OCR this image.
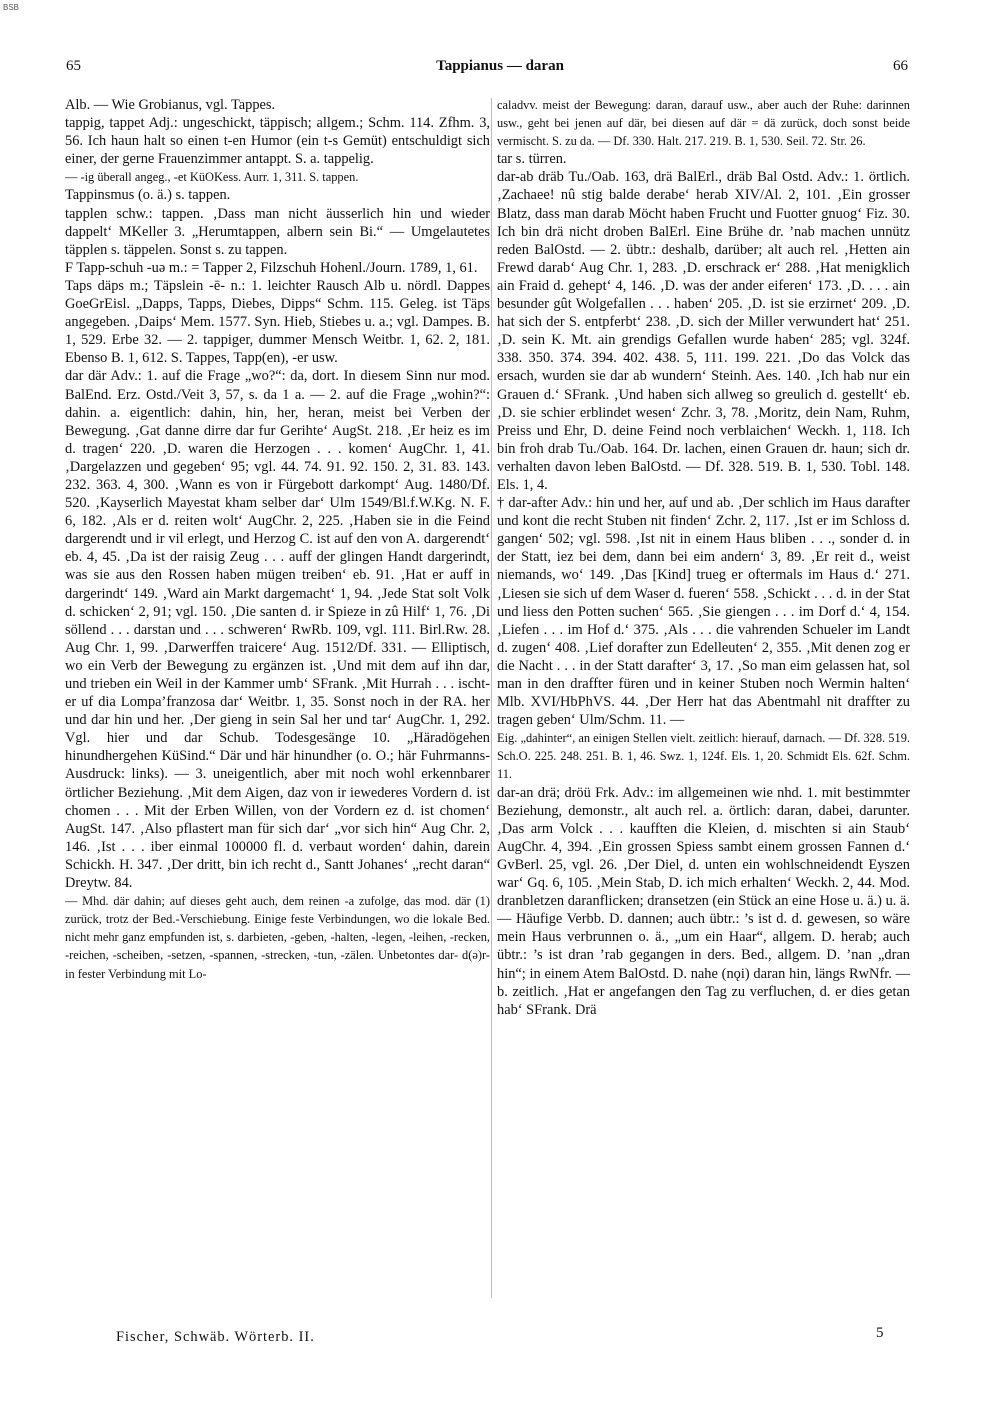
BSB
65	Tappianus — daran	66

Alb. — Wie Grobianus, vgl. Tappes.

tappig, tappet Adj.: ungeschickt, täppisch; allgem.; Schm. 114. Zfhm. 3, 56. Ich haun halt so einen t-en Humor (ein t-s Gemüt) entschuldigt sich einer, der gerne Frauenzimmer antappt. S. a. tappelig.

— -ig überall angeg., -et KüOKess. Aurr. 1, 311. S. tappen.

Tappinsmus (o. ä.) s. tappen.

tapplen schw.: tappen. ‚Dass man nicht äusserlich hin und wieder dappelt‘ MKeller 3. „Herumtappen, albern sein Bi.“ — Umgelautetes täpplen s. täppelen. Sonst s. zu tappen.

F Tapp-schuh -uə m.: = Tapper 2, Filzschuh Hohenl./Journ. 1789, 1, 61.

Taps däps m.; Täpslein -ē- n.: 1. leichter Rausch Alb u. nördl. Dappes GoeGrEisl. „Dapps, Tapps, Diebes, Dipps“ Schm. 115. Geleg. ist Täps angegeben. ‚Daips‘ Mem. 1577. Syn. Hieb, Stiebes u. a.; vgl. Dampes. B. 1, 529. Erbe 32. — 2. tappiger, dummer Mensch Weitbr. 1, 62. 2, 181. Ebenso B. 1, 612. S. Tappes, Tapp(en), -er usw.

dar där Adv.: 1. auf die Frage „wo?“: da, dort. In diesem Sinn nur mod. BalEnd. Erz. Ostd./Veit 3, 57, s. da 1 a. — 2. auf die Frage „wohin?“: dahin. a. eigentlich: dahin, hin, her, heran, meist bei Verben der Bewegung. ‚Gat danne dirre dar fur Gerihte‘ AugSt. 218. ‚Er heiz es im d. tragen‘ 220. ‚D. waren die Herzogen . . . komen‘ AugChr. 1, 41. ‚Dargelazzen und gegeben‘ 95; vgl. 44. 74. 91. 92. 150. 2, 31. 83. 143. 232. 363. 4, 300. ‚Wann es von ir Fürgebott darkompt‘ Aug. 1480/Df. 520. ‚Kayserlich Mayestat kham selber dar‘ Ulm 1549/Bl.f.W.Kg. N. F. 6, 182. ‚Als er d. reiten wolt‘ AugChr. 2, 225. ‚Haben sie in die Feind dargerendt und ir vil erlegt, und Herzog C. ist auf den von A. dargerendt‘ eb. 4, 45. ‚Da ist der raisig Zeug . . . auff der glingen Handt dargerindt, was sie aus den Rossen haben mügen treiben‘ eb. 91. ‚Hat er auff in dargerindt‘ 149. ‚Ward ain Markt dargemacht‘ 1, 94. ‚Jede Stat solt Volk d. schicken‘ 2, 91; vgl. 150. ‚Die santen d. ir Spieze in zû Hilf‘ 1, 76. ‚Di söllend . . . darstan und . . . schweren‘ RwRb. 109, vgl. 111. Birl.Rw. 28. Aug Chr. 1, 99. ‚Darwerffen traicere‘ Aug. 1512/Df. 331. — Elliptisch, wo ein Verb der Bewegung zu ergänzen ist. ‚Und mit dem auf ihn dar, und trieben ein Weil in der Kammer umb‘ SFrank. ‚Mit Hurrah . . . ischt-er uf dia Lompa’franzosa dar‘ Weitbr. 1, 35. Sonst noch in der RA. her und dar hin und her. ‚Der gieng in sein Sal her und tar‘ AugChr. 1, 292. Vgl. hier und dar Schub. Todesgesänge 10. „Häradögehen hinundhergehen KüSind.“ Där und här hinundher (o. O.; här Fuhrmanns-Ausdruck: links). — 3. uneigentlich, aber mit noch wohl erkennbarer örtlicher Beziehung. ‚Mit dem Aigen, daz von ir iewederes Vordern d. ist chomen . . . Mit der Erben Willen, von der Vordern ez d. ist chomen‘ AugSt. 147. ‚Also pflastert man für sich dar‘ „vor sich hin“ Aug Chr. 2, 146. ‚Ist . . . iber einmal 100000 fl. d. verbaut worden‘ dahin, darein Schickh. H. 347. ‚Der dritt, bin ich recht d., Santt Johanes‘ „recht daran“ Dreytw. 84.

— Mhd. där dahin; auf dieses geht auch, dem reinen -a zufolge, das mod. där (1) zurück, trotz der Bed.-Verschiebung. Einige feste Verbindungen, wo die lokale Bed. nicht mehr ganz empfunden ist, s. darbieten, -geben, -halten, -legen, -leihen, -recken, -reichen, -scheiben, -setzen, -spannen, -strecken, -tun, -zälen. Unbetontes dar- d(ə)r- in fester Verbindung mit Lo-

caladvv. meist der Bewegung: daran, darauf usw., aber auch der Ruhe: darinnen usw., geht bei jenen auf där, bei diesen auf där = dä zurück, doch sonst beide vermischt. S. zu da. — Df. 330. Halt. 217. 219. B. 1, 530. Seil. 72. Str. 26.

tar s. türren.

dar-ab dräb Tu./Oab. 163, drä BalErl., dräb Bal Ostd. Adv.: 1. örtlich. ‚Zachaee! nû stig balde derabe‘ herab XIV/Al. 2, 101. ‚Ein grosser Blatz, dass man darab Möcht haben Frucht und Fuotter gnuog‘ Fiz. 30. Ich bin drä nicht droben BalErl. Eine Brühe dr. ’nab machen unnütz reden BalOstd. — 2. übtr.: deshalb, darüber; alt auch rel. ‚Hetten ain Frewd darab‘ Aug Chr. 1, 283. ‚D. erschrack er‘ 288. ‚Hat menigklich ain Fraid d. gehept‘ 4, 146. ‚D. was der ander eiferen‘ 173. ‚D. . . . ain besunder gût Wolgefallen . . . haben‘ 205. ‚D. ist sie erzirnet‘ 209. ‚D. hat sich der S. entpferbt‘ 238. ‚D. sich der Miller verwundert hat‘ 251. ‚D. sein K. Mt. ain grendigs Gefallen wurde haben‘ 285; vgl. 324f. 338. 350. 374. 394. 402. 438. 5, 111. 199. 221. ‚Do das Volck das ersach, wurden sie dar ab wundern‘ Steinh. Aes. 140. ‚Ich hab nur ein Grauen d.‘ SFrank. ‚Und haben sich allweg so greulich d. gestellt‘ eb. ‚D. sie schier erblindet wesen‘ Zchr. 3, 78. ‚Moritz, dein Nam, Ruhm, Preiss und Ehr, D. deine Feind noch verblaichen‘ Weckh. 1, 118. Ich bin froh drab Tu./Oab. 164. Dr. lachen, einen Grauen dr. haun; sich dr. verhalten davon leben BalOstd. — Df. 328. 519. B. 1, 530. Tobl. 148. Els. 1, 4.

† dar-after Adv.: hin und her, auf und ab. ‚Der schlich im Haus darafter und kont die recht Stuben nit finden‘ Zchr. 2, 117. ‚Ist er im Schloss d. gangen‘ 502; vgl. 598. ‚Ist nit in einem Haus bliben . . ., sonder d. in der Statt, iez bei dem, dann bei eim andern‘ 3, 89. ‚Er reit d., weist niemands, wo‘ 149. ‚Das [Kind] trueg er oftermals im Haus d.‘ 271. ‚Liesen sie sich uf dem Waser d. fueren‘ 558. ‚Schickt . . . d. in der Stat und liess den Potten suchen‘ 565. ‚Sie giengen . . . im Dorf d.‘ 4, 154. ‚Liefen . . . im Hof d.‘ 375. ‚Als . . . die vahrenden Schueler im Landt d. zugen‘ 408. ‚Lief dorafter zun Edelleuten‘ 2, 355. ‚Mit denen zog er die Nacht . . . in der Statt darafter‘ 3, 17. ‚So man eim gelassen hat, sol man in den draffter füren und in keiner Stuben noch Wermin halten‘ Mlb. XVI/HbPhVS. 44. ‚Der Herr hat das Abentmahl nit draffter zu tragen geben‘ Ulm/Schm. 11. —

Eig. „dahinter“, an einigen Stellen vielt. zeitlich: hierauf, darnach. — Df. 328. 519. Sch.O. 225. 248. 251. B. 1, 46. Swz. 1, 124f. Els. 1, 20. Schmidt Els. 62f. Schm. 11.

dar-an drä; dröü Frk. Adv.: im allgemeinen wie nhd. 1. mit bestimmter Beziehung, demonstr., alt auch rel. a. örtlich: daran, dabei, darunter. ‚Das arm Volck . . . kaufften die Kleien, d. mischten si ain Staub‘ AugChr. 4, 394. ‚Ein grossen Spiess sambt einem grossen Fannen d.‘ GvBerl. 25, vgl. 26. ‚Der Diel, d. unten ein wohlschneidendt Eyszen war‘ Gq. 6, 105. ‚Mein Stab, D. ich mich erhalten‘ Weckh. 2, 44. Mod. dranbletzen daranflicken; dransetzen (ein Stück an eine Hose u. ä.) u. ä. — Häufige Verbb. D. dannen; auch übtr.: ’s ist d. d. gewesen, so wäre mein Haus verbrunnen o. ä., „um ein Haar“, allgem. D. herab; auch übtr.: ’s ist dran ’rab gegangen in ders. Bed., allgem. D. ’nan „dran hin“; in einem Atem BalOstd. D. nahe (nǫi) daran hin, längs RwNfr. — b. zeitlich. ‚Hat er angefangen den Tag zu verfluchen, d. er dies getan hab‘ SFrank. Drä

Fischer, Schwäb. Wörterb. II.	5
